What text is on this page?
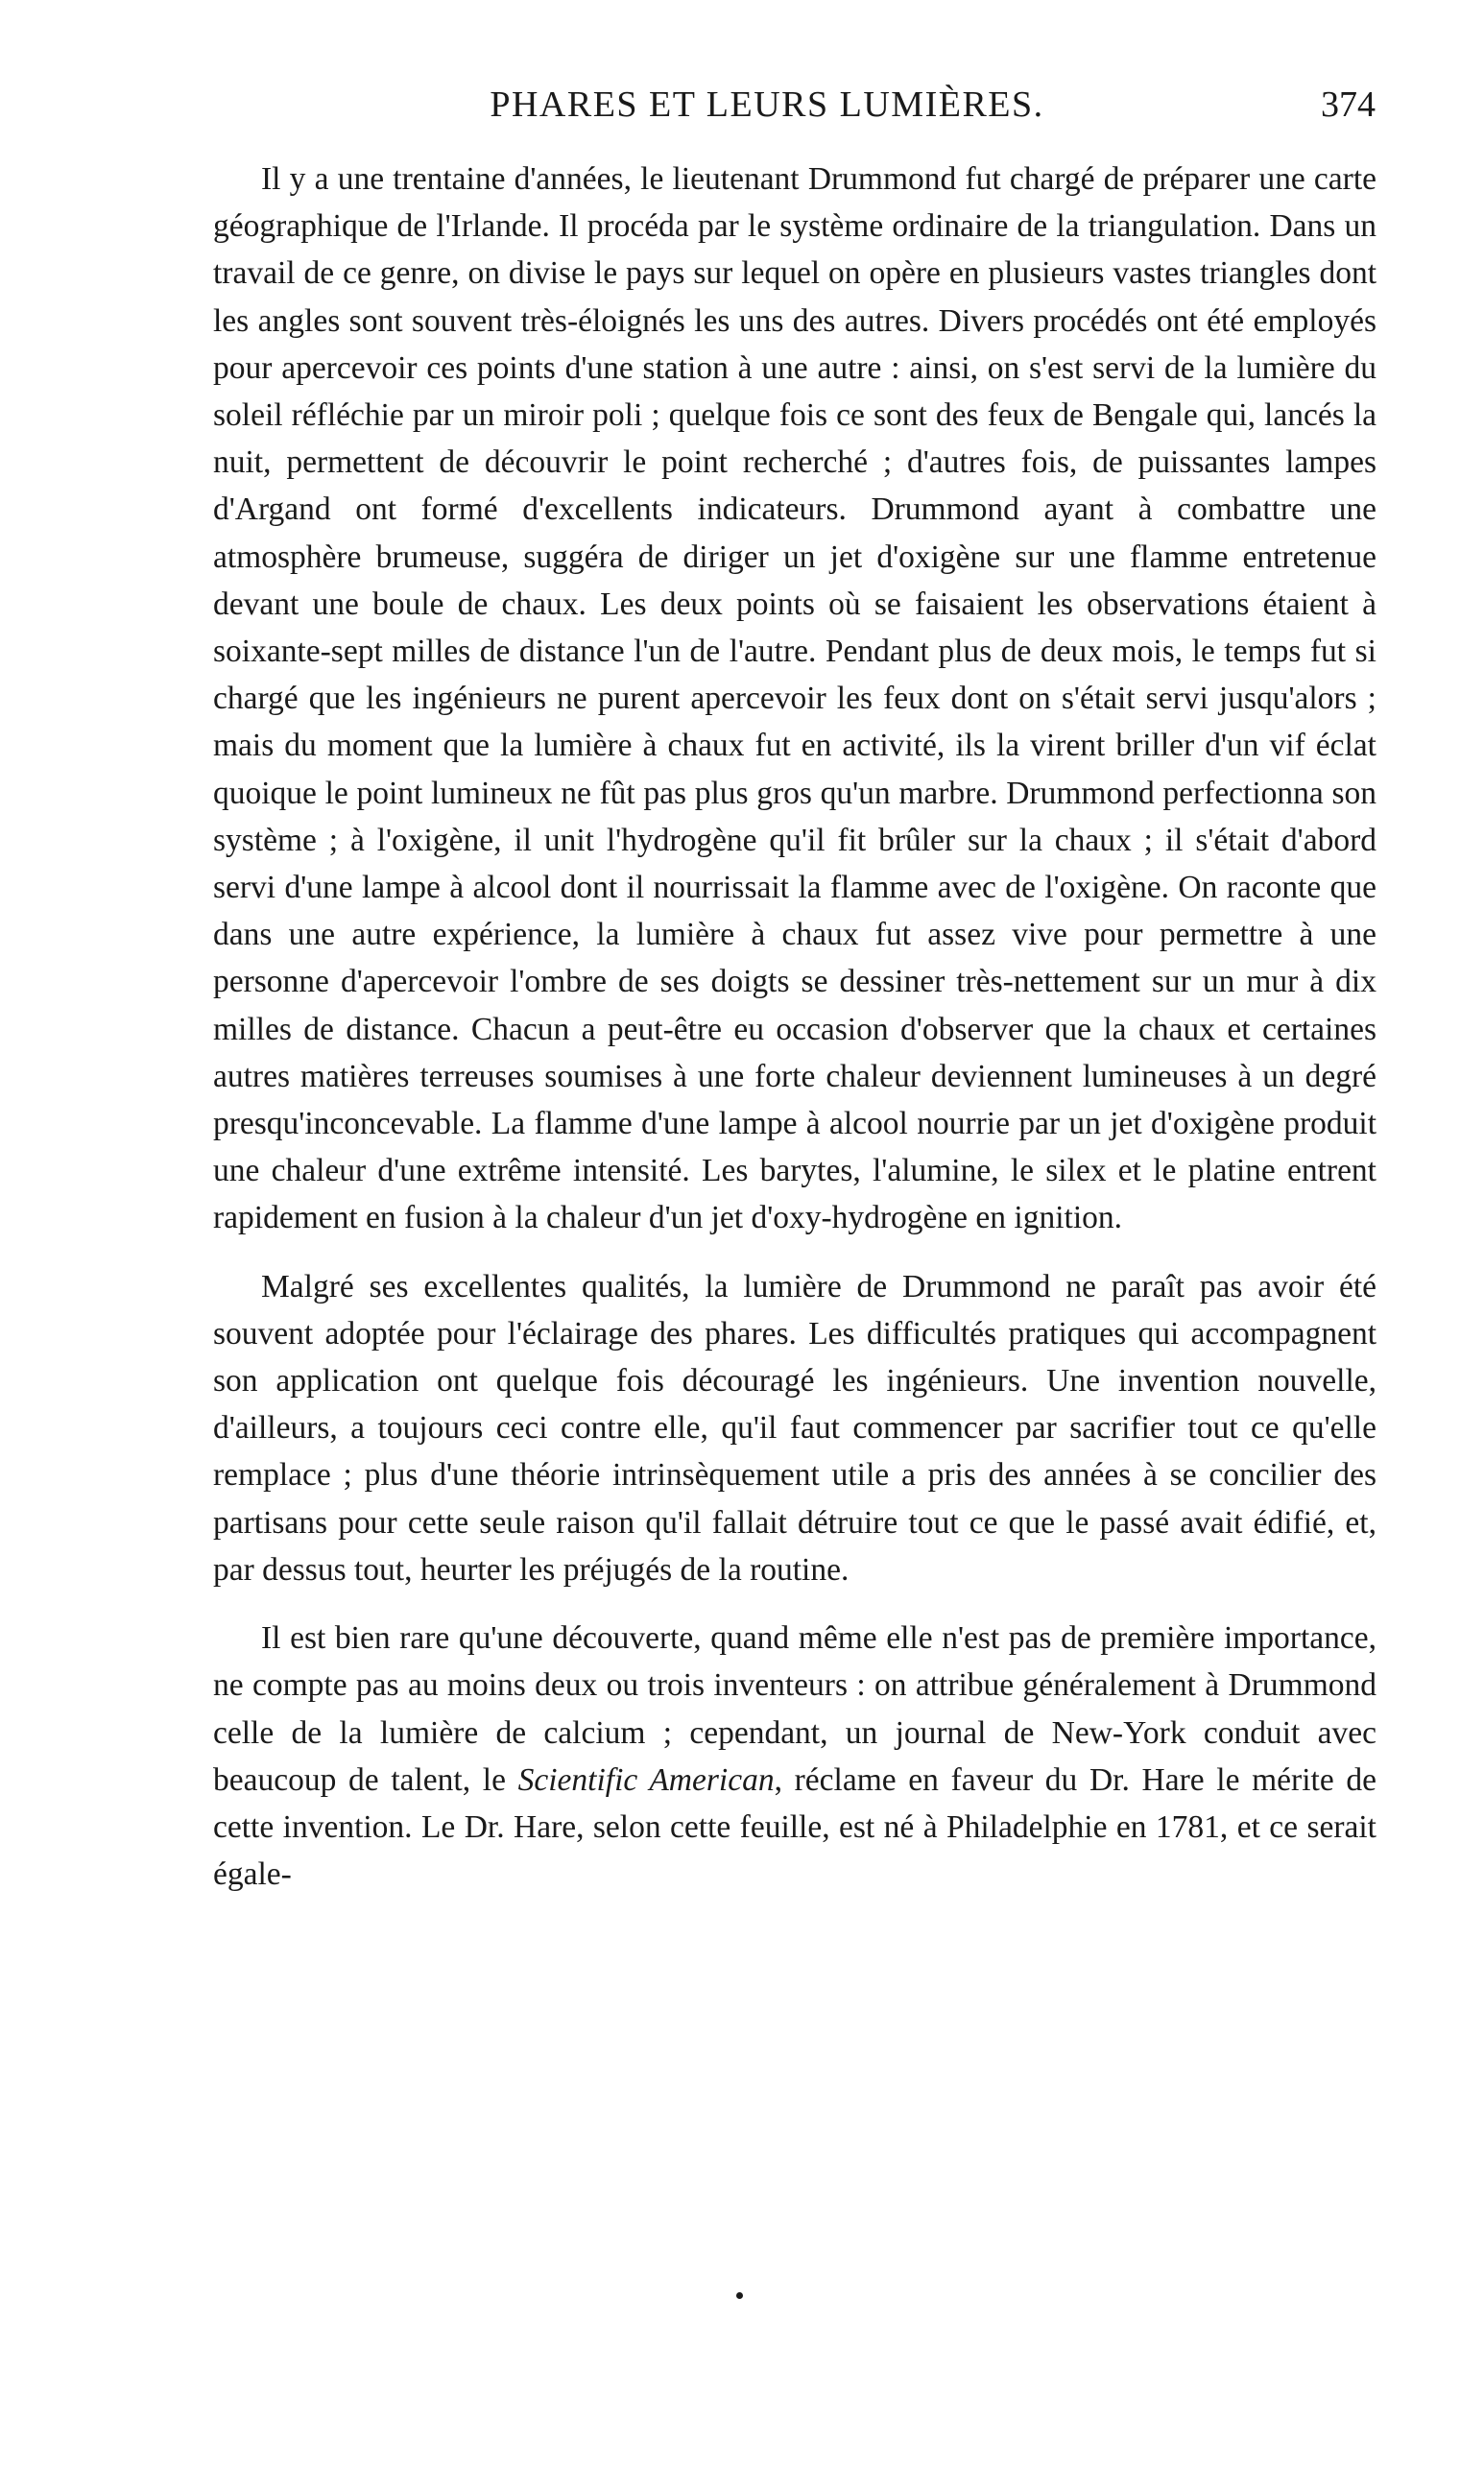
PHARES ET LEURS LUMIÈRES.	374

Il y a une trentaine d'années, le lieutenant Drummond fut chargé de préparer une carte géographique de l'Irlande. Il procéda par le système ordinaire de la triangulation. Dans un travail de ce genre, on divise le pays sur lequel on opère en plusieurs vastes triangles dont les angles sont souvent très-éloignés les uns des autres. Divers procédés ont été employés pour apercevoir ces points d'une station à une autre : ainsi, on s'est servi de la lumière du soleil réfléchie par un miroir poli ; quelque fois ce sont des feux de Bengale qui, lancés la nuit, permettent de découvrir le point recherché ; d'autres fois, de puissantes lampes d'Argand ont formé d'excellents indicateurs. Drummond ayant à combattre une atmosphère brumeuse, suggéra de diriger un jet d'oxigène sur une flamme entretenue devant une boule de chaux. Les deux points où se faisaient les observations étaient à soixante-sept milles de distance l'un de l'autre. Pendant plus de deux mois, le temps fut si chargé que les ingénieurs ne purent apercevoir les feux dont on s'était servi jusqu'alors ; mais du moment que la lumière à chaux fut en activité, ils la virent briller d'un vif éclat quoique le point lumineux ne fût pas plus gros qu'un marbre. Drummond perfectionna son système ; à l'oxigène, il unit l'hydrogène qu'il fit brûler sur la chaux ; il s'était d'abord servi d'une lampe à alcool dont il nourrissait la flamme avec de l'oxigène. On raconte que dans une autre expérience, la lumière à chaux fut assez vive pour permettre à une personne d'apercevoir l'ombre de ses doigts se dessiner très-nettement sur un mur à dix milles de distance. Chacun a peut-être eu occasion d'observer que la chaux et certaines autres matières terreuses soumises à une forte chaleur deviennent lumineuses à un degré presqu'inconcevable. La flamme d'une lampe à alcool nourrie par un jet d'oxigène produit une chaleur d'une extrême intensité. Les barytes, l'alumine, le silex et le platine entrent rapidement en fusion à la chaleur d'un jet d'oxy-hydrogène en ignition.

Malgré ses excellentes qualités, la lumière de Drummond ne paraît pas avoir été souvent adoptée pour l'éclairage des phares. Les difficultés pratiques qui accompagnent son application ont quelque fois découragé les ingénieurs. Une invention nouvelle, d'ailleurs, a toujours ceci contre elle, qu'il faut commencer par sacrifier tout ce qu'elle remplace ; plus d'une théorie intrinsèquement utile a pris des années à se concilier des partisans pour cette seule raison qu'il fallait détruire tout ce que le passé avait édifié, et, par dessus tout, heurter les préjugés de la routine.

Il est bien rare qu'une découverte, quand même elle n'est pas de première importance, ne compte pas au moins deux ou trois inventeurs : on attribue généralement à Drummond celle de la lumière de calcium ; cependant, un journal de New-York conduit avec beaucoup de talent, le Scientific American, réclame en faveur du Dr. Hare le mérite de cette invention. Le Dr. Hare, selon cette feuille, est né à Philadelphie en 1781, et ce serait égale-
